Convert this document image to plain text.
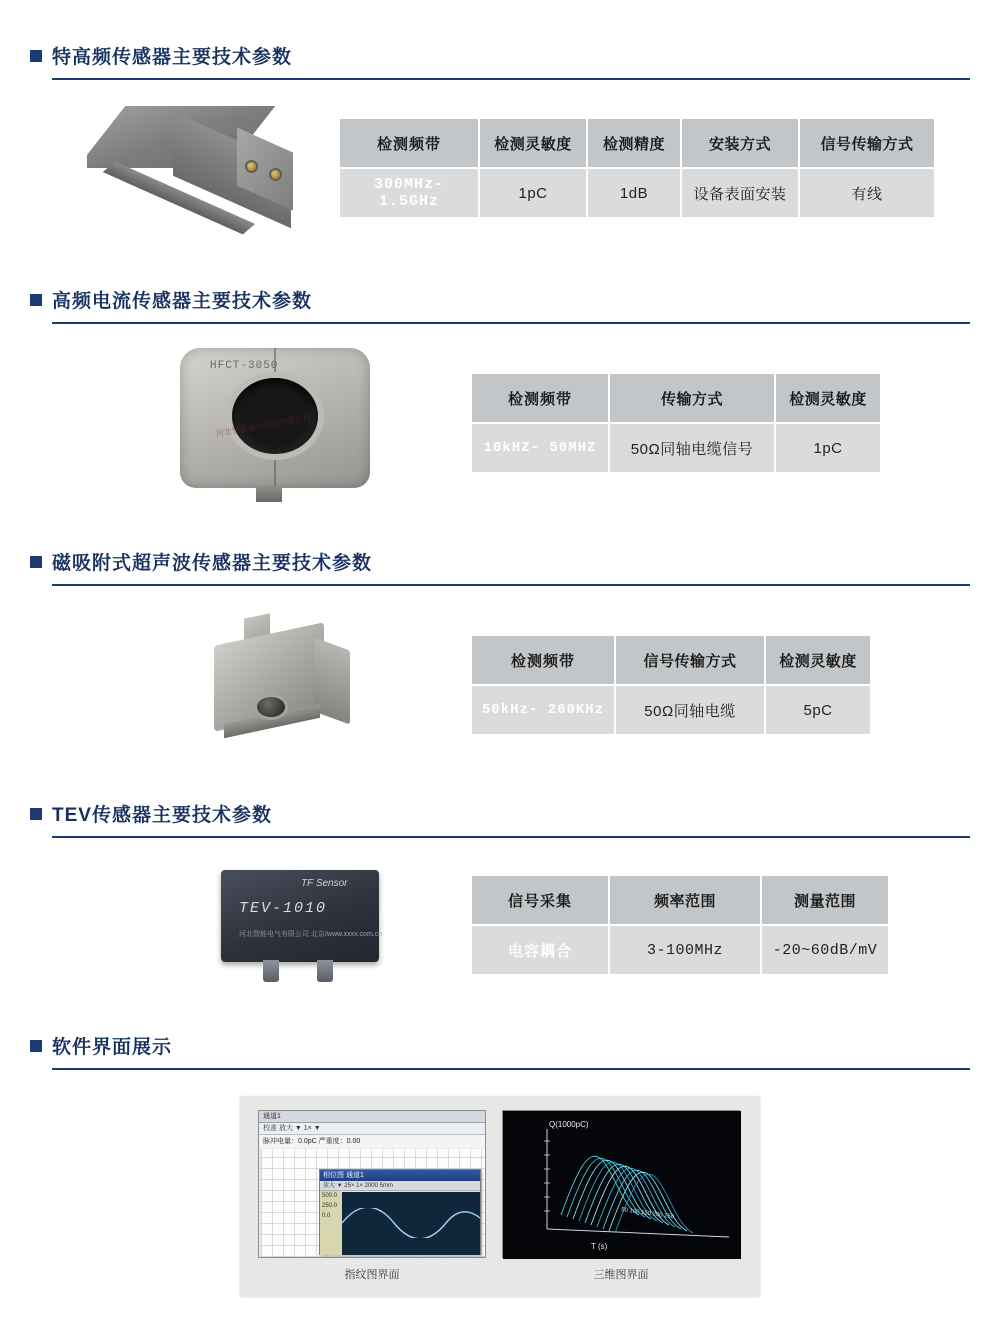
特高频传感器主要技术参数
检测频带	检测灵敏度	检测精度	安装方式	信号传输方式
300MHz-1.5GHz	1pC	1dB	设备表面安装	有线
高频电流传感器主要技术参数
HFCT-3050
河北智能电力科技有限公司
检测频带	传输方式	检测灵敏度
10kHZ- 50MHZ	50Ω同轴电缆信号	1pC
磁吸附式超声波传感器主要技术参数
检测频带	信号传输方式	检测灵敏度
50kHz- 260KHz	50Ω同轴电缆	5pC
TEV传感器主要技术参数
TF Sensor
TEV-1010
河北智能电气有限公司 北京/www.xxxx.com.cn
信号采集	频率范围	测量范围
电容耦合	3-100MHz	-20~60dB/mV
软件界面展示
通道1
校准 放大 ▼ 1× ▼
脉冲电量：0.0pC 严重度：0.00
相位图 通道1
放大 ▼ 25× 1× 2000 5mm
500.0
250.0
0.0
Q(1000pC)
50 100 150 200 250
T (s)
指纹图界面	三维图界面
